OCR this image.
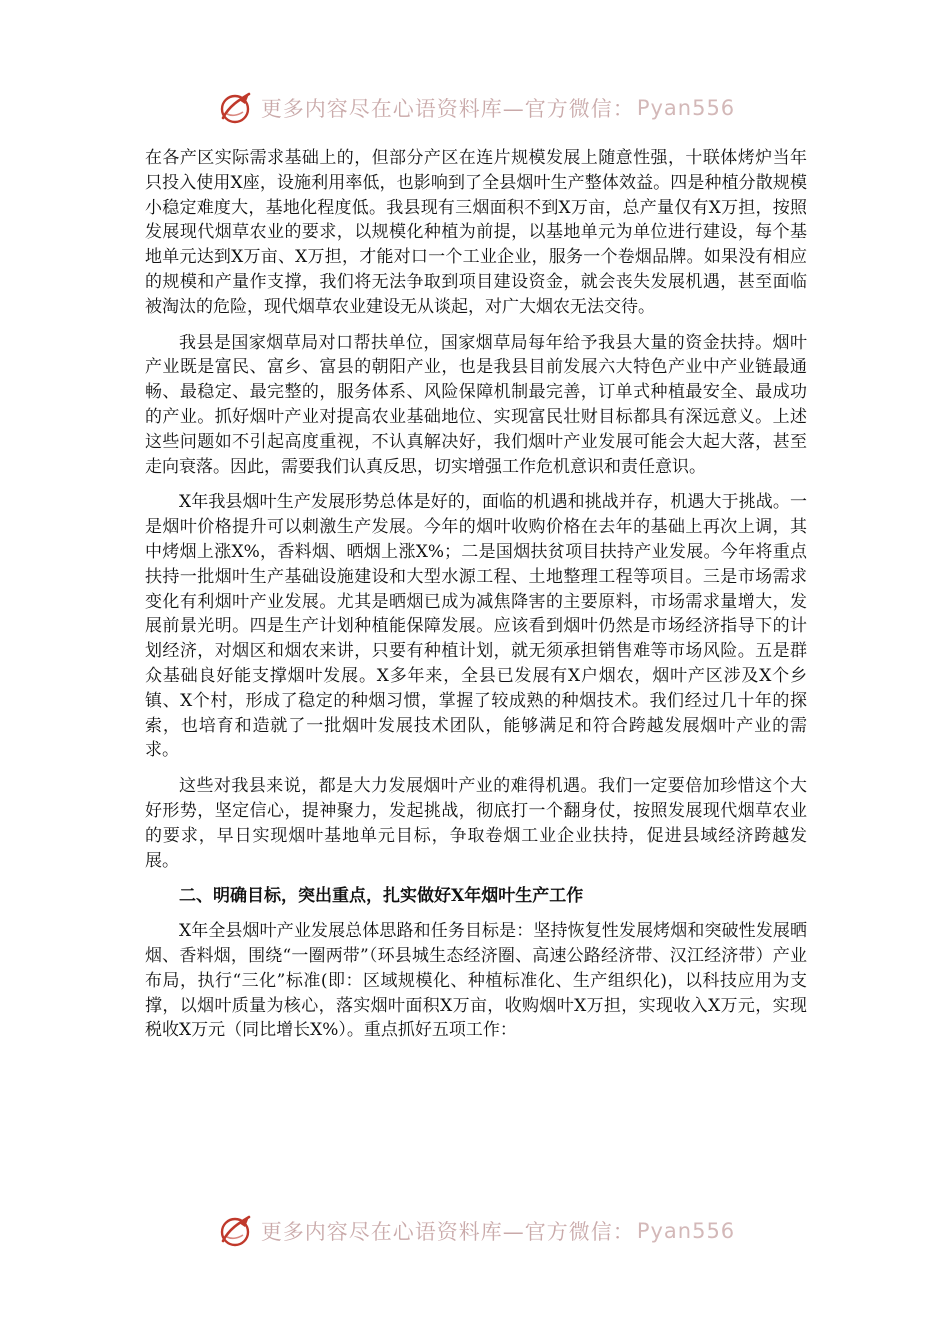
更多内容尽在心语资料库—官方微信： Pyan556

在各产区实际需求基础上的，但部分产区在连片规模发展上随意性强，十联体烤炉当年只投入使用X座，设施利用率低，也影响到了全县烟叶生产整体效益。四是种植分散规模小稳定难度大，基地化程度低。我县现有三烟面积不到X万亩，总产量仅有X万担，按照发展现代烟草农业的要求，以规模化种植为前提，以基地单元为单位进行建设，每个基地单元达到X万亩、X万担，才能对口一个工业企业，服务一个卷烟品牌。如果没有相应的规模和产量作支撑，我们将无法争取到项目建设资金，就会丧失发展机遇，甚至面临被淘汰的危险，现代烟草农业建设无从谈起，对广大烟农无法交待。

我县是国家烟草局对口帮扶单位，国家烟草局每年给予我县大量的资金扶持。烟叶产业既是富民、富乡、富县的朝阳产业，也是我县目前发展六大特色产业中产业链最通畅、最稳定、最完整的，服务体系、风险保障机制最完善，订单式种植最安全、最成功的产业。抓好烟叶产业对提高农业基础地位、实现富民壮财目标都具有深远意义。上述这些问题如不引起高度重视，不认真解决好，我们烟叶产业发展可能会大起大落，甚至走向衰落。因此，需要我们认真反思，切实增强工作危机意识和责任意识。

X年我县烟叶生产发展形势总体是好的，面临的机遇和挑战并存，机遇大于挑战。一是烟叶价格提升可以刺激生产发展。今年的烟叶收购价格在去年的基础上再次上调，其中烤烟上涨X%，香料烟、晒烟上涨X%；二是国烟扶贫项目扶持产业发展。今年将重点扶持一批烟叶生产基础设施建设和大型水源工程、土地整理工程等项目。三是市场需求变化有利烟叶产业发展。尤其是晒烟已成为减焦降害的主要原料，市场需求量增大，发展前景光明。四是生产计划种植能保障发展。应该看到烟叶仍然是市场经济指导下的计划经济，对烟区和烟农来讲，只要有种植计划，就无须承担销售难等市场风险。五是群众基础良好能支撑烟叶发展。X多年来，全县已发展有X户烟农，烟叶产区涉及X个乡镇、X个村，形成了稳定的种烟习惯，掌握了较成熟的种烟技术。我们经过几十年的探索，也培育和造就了一批烟叶发展技术团队，能够满足和符合跨越发展烟叶产业的需求。

这些对我县来说，都是大力发展烟叶产业的难得机遇。我们一定要倍加珍惜这个大好形势，坚定信心，提神聚力，发起挑战，彻底打一个翻身仗，按照发展现代烟草农业的要求，早日实现烟叶基地单元目标，争取卷烟工业企业扶持，促进县域经济跨越发展。

二、明确目标，突出重点，扎实做好X年烟叶生产工作

X年全县烟叶产业发展总体思路和任务目标是：坚持恢复性发展烤烟和突破性发展晒烟、香料烟，围绕“一圈两带”（环县城生态经济圈、高速公路经济带、汉江经济带）产业布局，执行“三化”标准(即：区域规模化、种植标准化、生产组织化)，以科技应用为支撑，以烟叶质量为核心，落实烟叶面积X万亩，收购烟叶X万担，实现收入X万元，实现税收X万元（同比增长X%）。重点抓好五项工作：

更多内容尽在心语资料库—官方微信： Pyan556
